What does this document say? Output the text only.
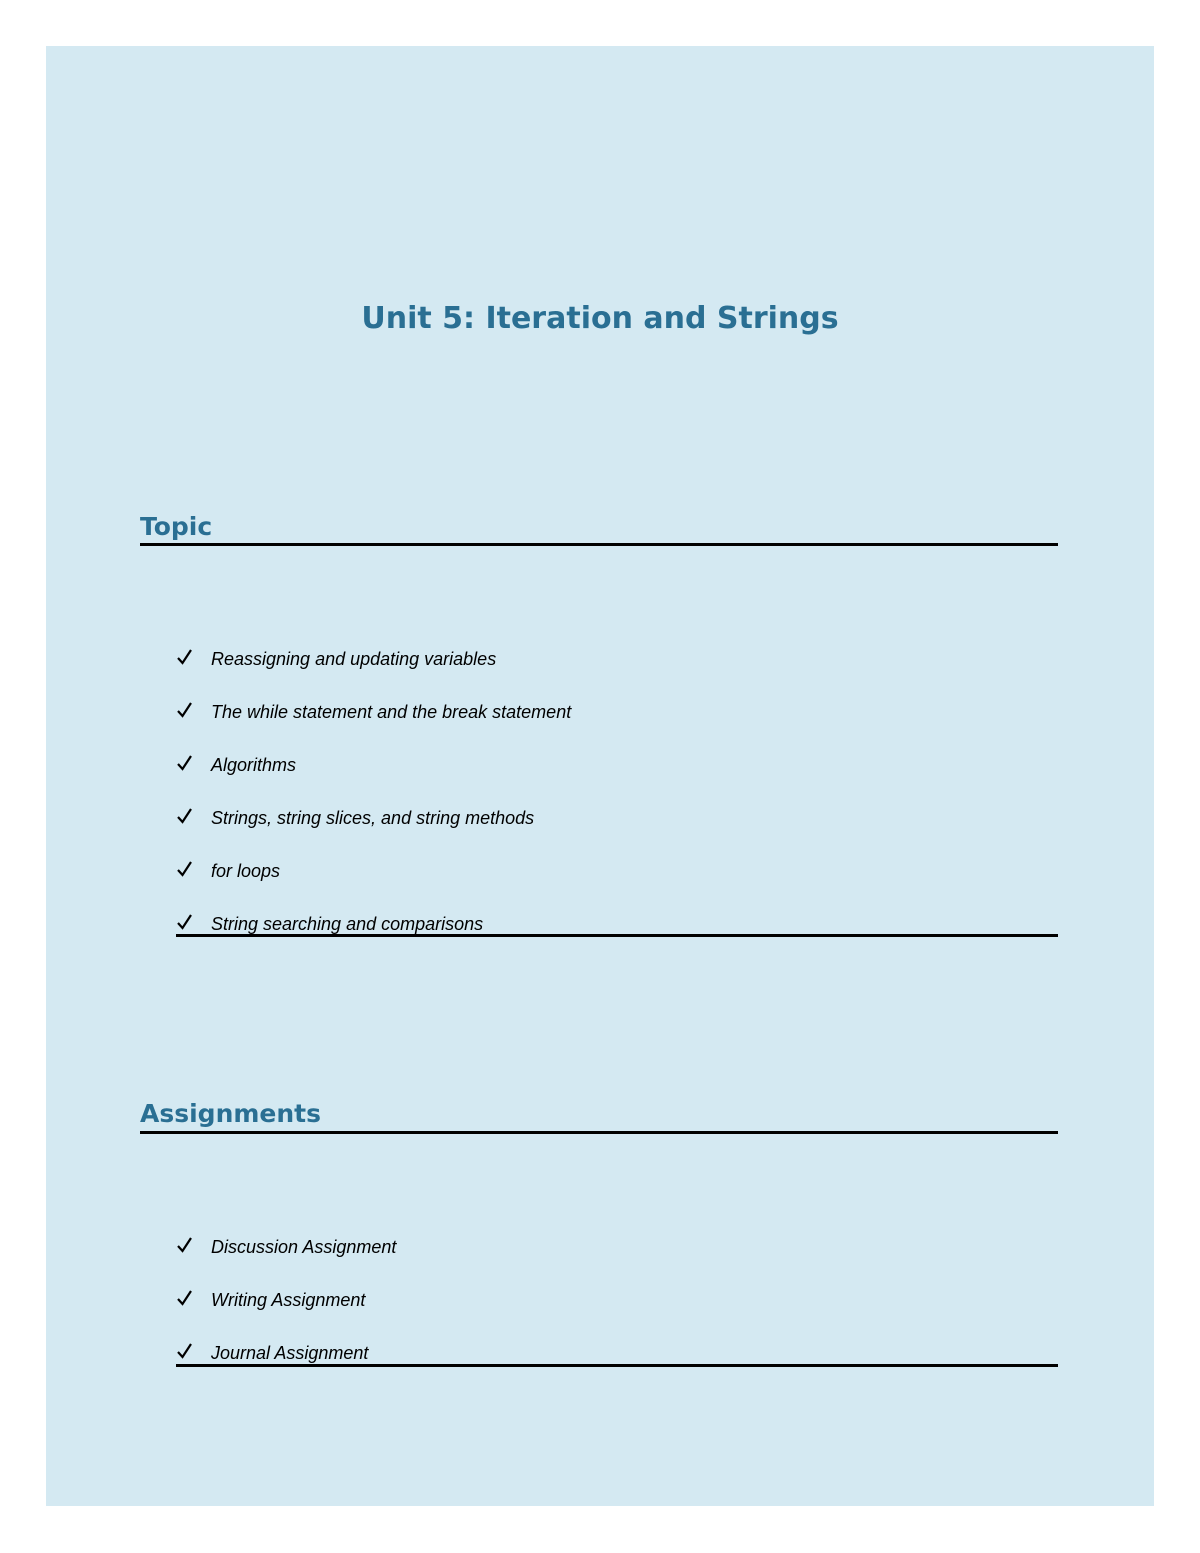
Unit 5: Iteration and Strings
Topic
Reassigning and updating variables
The while statement and the break statement
Algorithms
Strings, string slices, and string methods
for loops
String searching and comparisons
Assignments
Discussion Assignment
Writing Assignment
Journal Assignment
